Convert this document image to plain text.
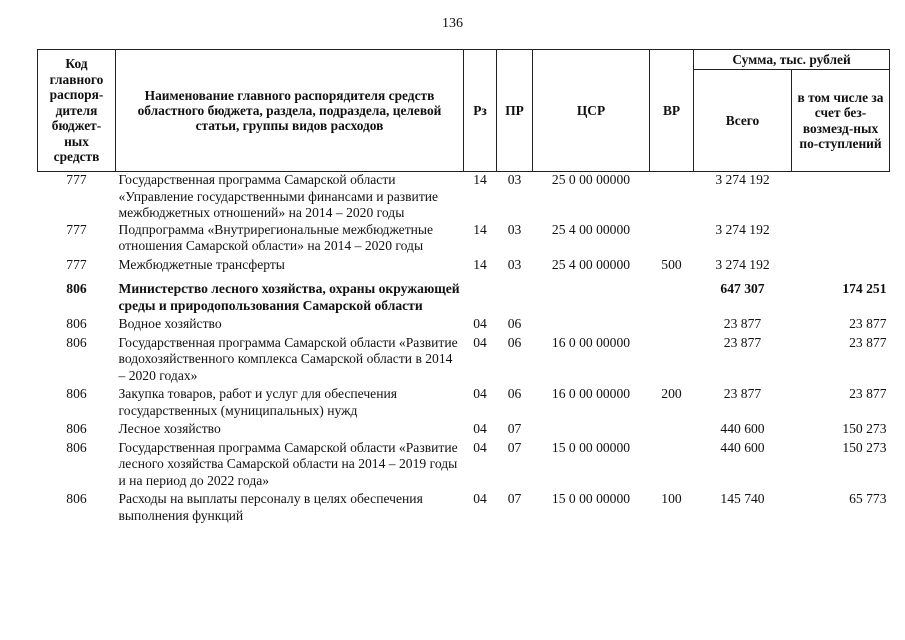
136
Код главного распоря-дителя бюджет-ных средств	Наименование главного распорядителя средств областного бюджета, раздела, подраздела, целевой статьи, группы видов расходов	Рз	ПР	ЦСР	ВР	Сумма, тыс. рублей	
						Всего	в том числе за счет без-возмезд-ных по-ступлений
777	Государственная программа Самарской области «Управление государственными финансами и развитие межбюджетных отношений» на 2014 – 2020 годы	14	03	25 0 00 00000		3 274 192	
777	Подпрограмма «Внутрирегиональные межбюджетные отношения Самарской области» на 2014 – 2020 годы	14	03	25 4 00 00000		3 274 192	
777	Межбюджетные трансферты	14	03	25 4 00 00000	500	3 274 192	
806	Министерство лесного хозяйства, охраны окружающей среды и природопользования Самарской области					647 307	174 251
806	Водное хозяйство	04	06			23 877	23 877
806	Государственная программа Самарской области «Развитие водохозяйственного комплекса Самарской области в 2014 – 2020 годах»	04	06	16 0 00 00000		23 877	23 877
806	Закупка товаров, работ и услуг для обеспечения государственных (муниципальных) нужд	04	06	16 0 00 00000	200	23 877	23 877
806	Лесное хозяйство	04	07			440 600	150 273
806	Государственная программа Самарской области «Развитие лесного хозяйства Самарской области на 2014 – 2019 годы и на период до 2022 года»	04	07	15 0 00 00000		440 600	150 273
806	Расходы на выплаты персоналу в целях обеспечения выполнения функций	04	07	15 0 00 00000	100	145 740	65 773
